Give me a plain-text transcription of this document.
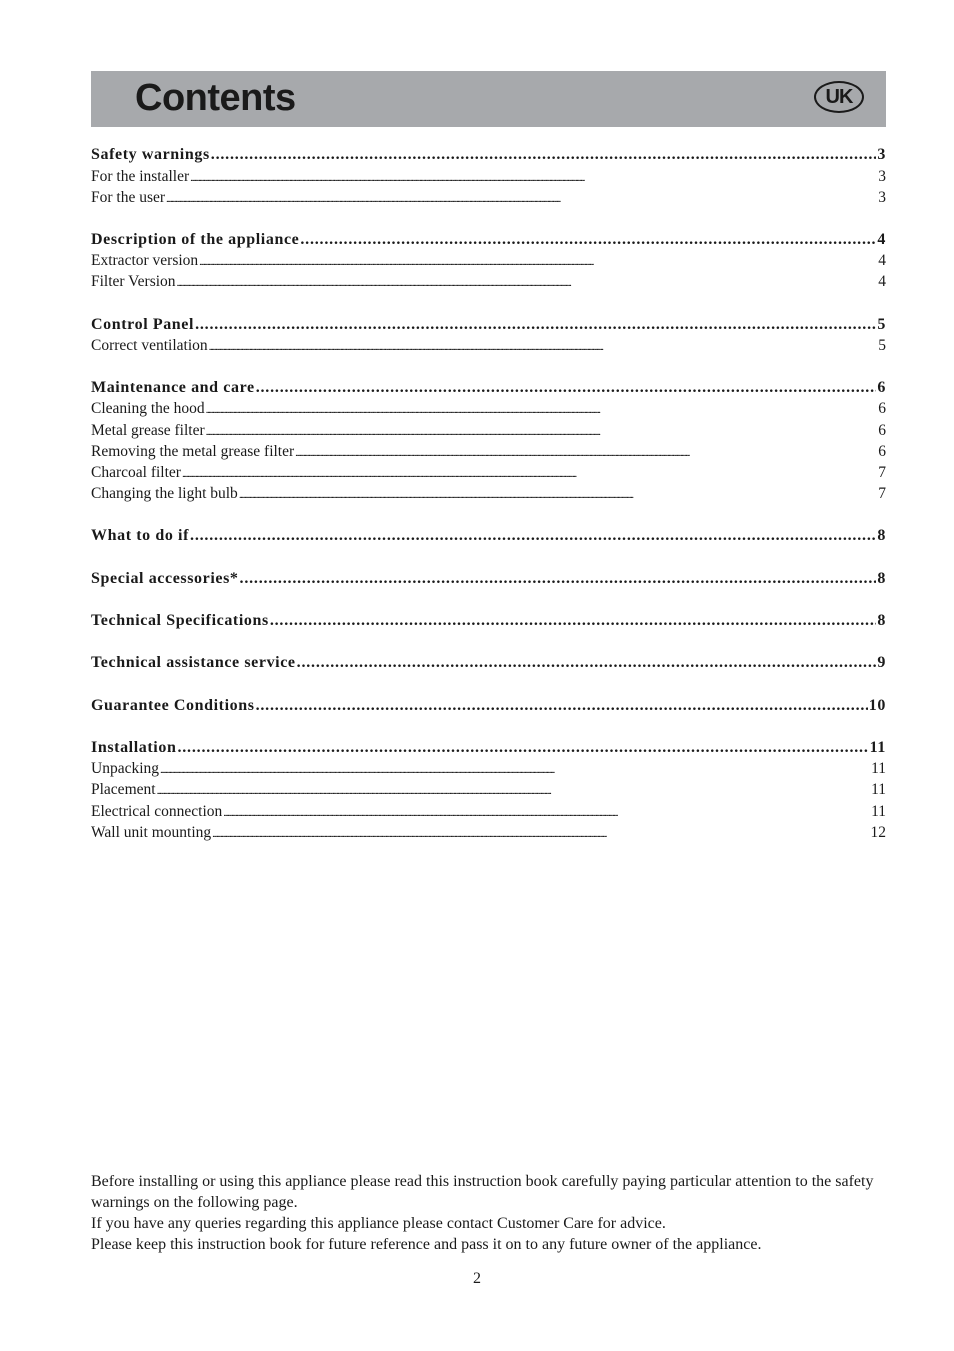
Contents	UK
Safety warnings . . .	3
For the installer . . .	3
For the user . . .	3
Description of the appliance . . .	4
Extractor version . . .	4
Filter Version . . .	4
Control Panel . . .	5
Correct ventilation . . .	5
Maintenance and care . . .	6
Cleaning the hood . . .	6
Metal grease filter . . .	6
Removing the metal grease filter . . .	6
Charcoal filter . . .	7
Changing the light bulb . . .	7
What to do if . . .	8
Special accessories* . . .	8
Technical Specifications . . .	8
Technical assistance service . . .	9
Guarantee Conditions . . .	10
Installation . . .	11
Unpacking . . .	11
Placement . . .	11
Electrical connection . . .	11
Wall unit mounting . . .	12

Before installing or using this appliance please read this instruction book carefully paying particular attention to the safety warnings on the following page.

If you have any queries regarding this appliance please contact Customer Care for advice.

Please keep this instruction book for future reference and pass it on to any future owner of the appliance.

2
